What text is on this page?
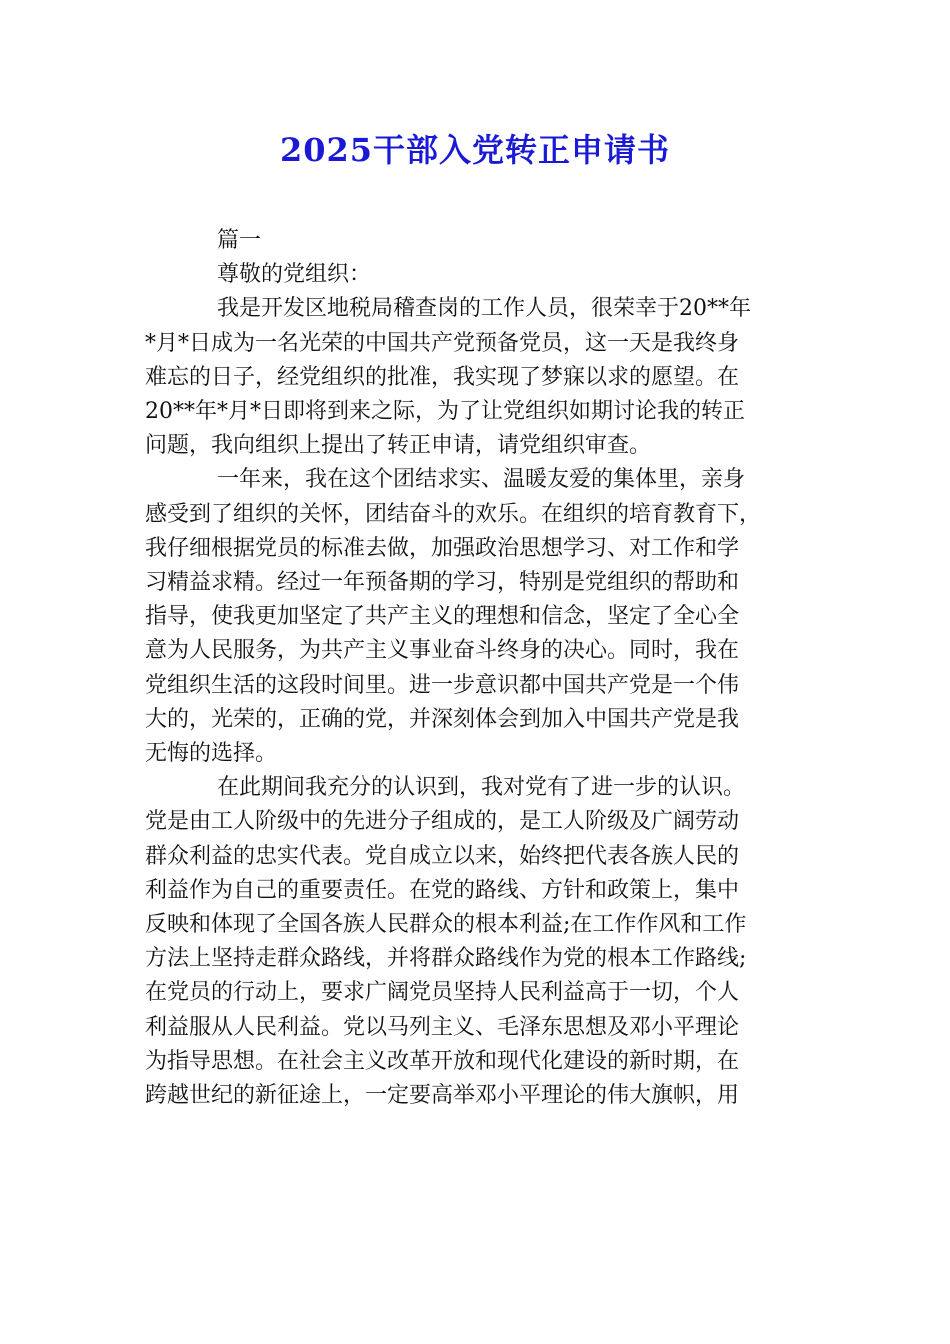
2025干部入党转正申请书

篇一

尊敬的党组织：

我是开发区地税局稽查岗的工作人员，很荣幸于20**年
*月*日成为一名光荣的中国共产党预备党员，这一天是我终身
难忘的日子，经党组织的批准，我实现了梦寐以求的愿望。在
20**年*月*日即将到来之际，为了让党组织如期讨论我的转正
问题，我向组织上提出了转正申请，请党组织审查。

一年来，我在这个团结求实、温暖友爱的集体里，亲身
感受到了组织的关怀，团结奋斗的欢乐。在组织的培育教育下，
我仔细根据党员的标准去做，加强政治思想学习、对工作和学
习精益求精。经过一年预备期的学习，特别是党组织的帮助和
指导，使我更加坚定了共产主义的理想和信念，坚定了全心全
意为人民服务，为共产主义事业奋斗终身的决心。同时，我在
党组织生活的这段时间里。进一步意识都中国共产党是一个伟
大的，光荣的，正确的党，并深刻体会到加入中国共产党是我
无悔的选择。

在此期间我充分的认识到，我对党有了进一步的认识。
党是由工人阶级中的先进分子组成的，是工人阶级及广阔劳动
群众利益的忠实代表。党自成立以来，始终把代表各族人民的
利益作为自己的重要责任。在党的路线、方针和政策上，集中
反映和体现了全国各族人民群众的根本利益;在工作作风和工作
方法上坚持走群众路线，并将群众路线作为党的根本工作路线;
在党员的行动上，要求广阔党员坚持人民利益高于一切，个人
利益服从人民利益。党以马列主义、毛泽东思想及邓小平理论
为指导思想。在社会主义改革开放和现代化建设的新时期，在
跨越世纪的新征途上，一定要高举邓小平理论的伟大旗帜，用
